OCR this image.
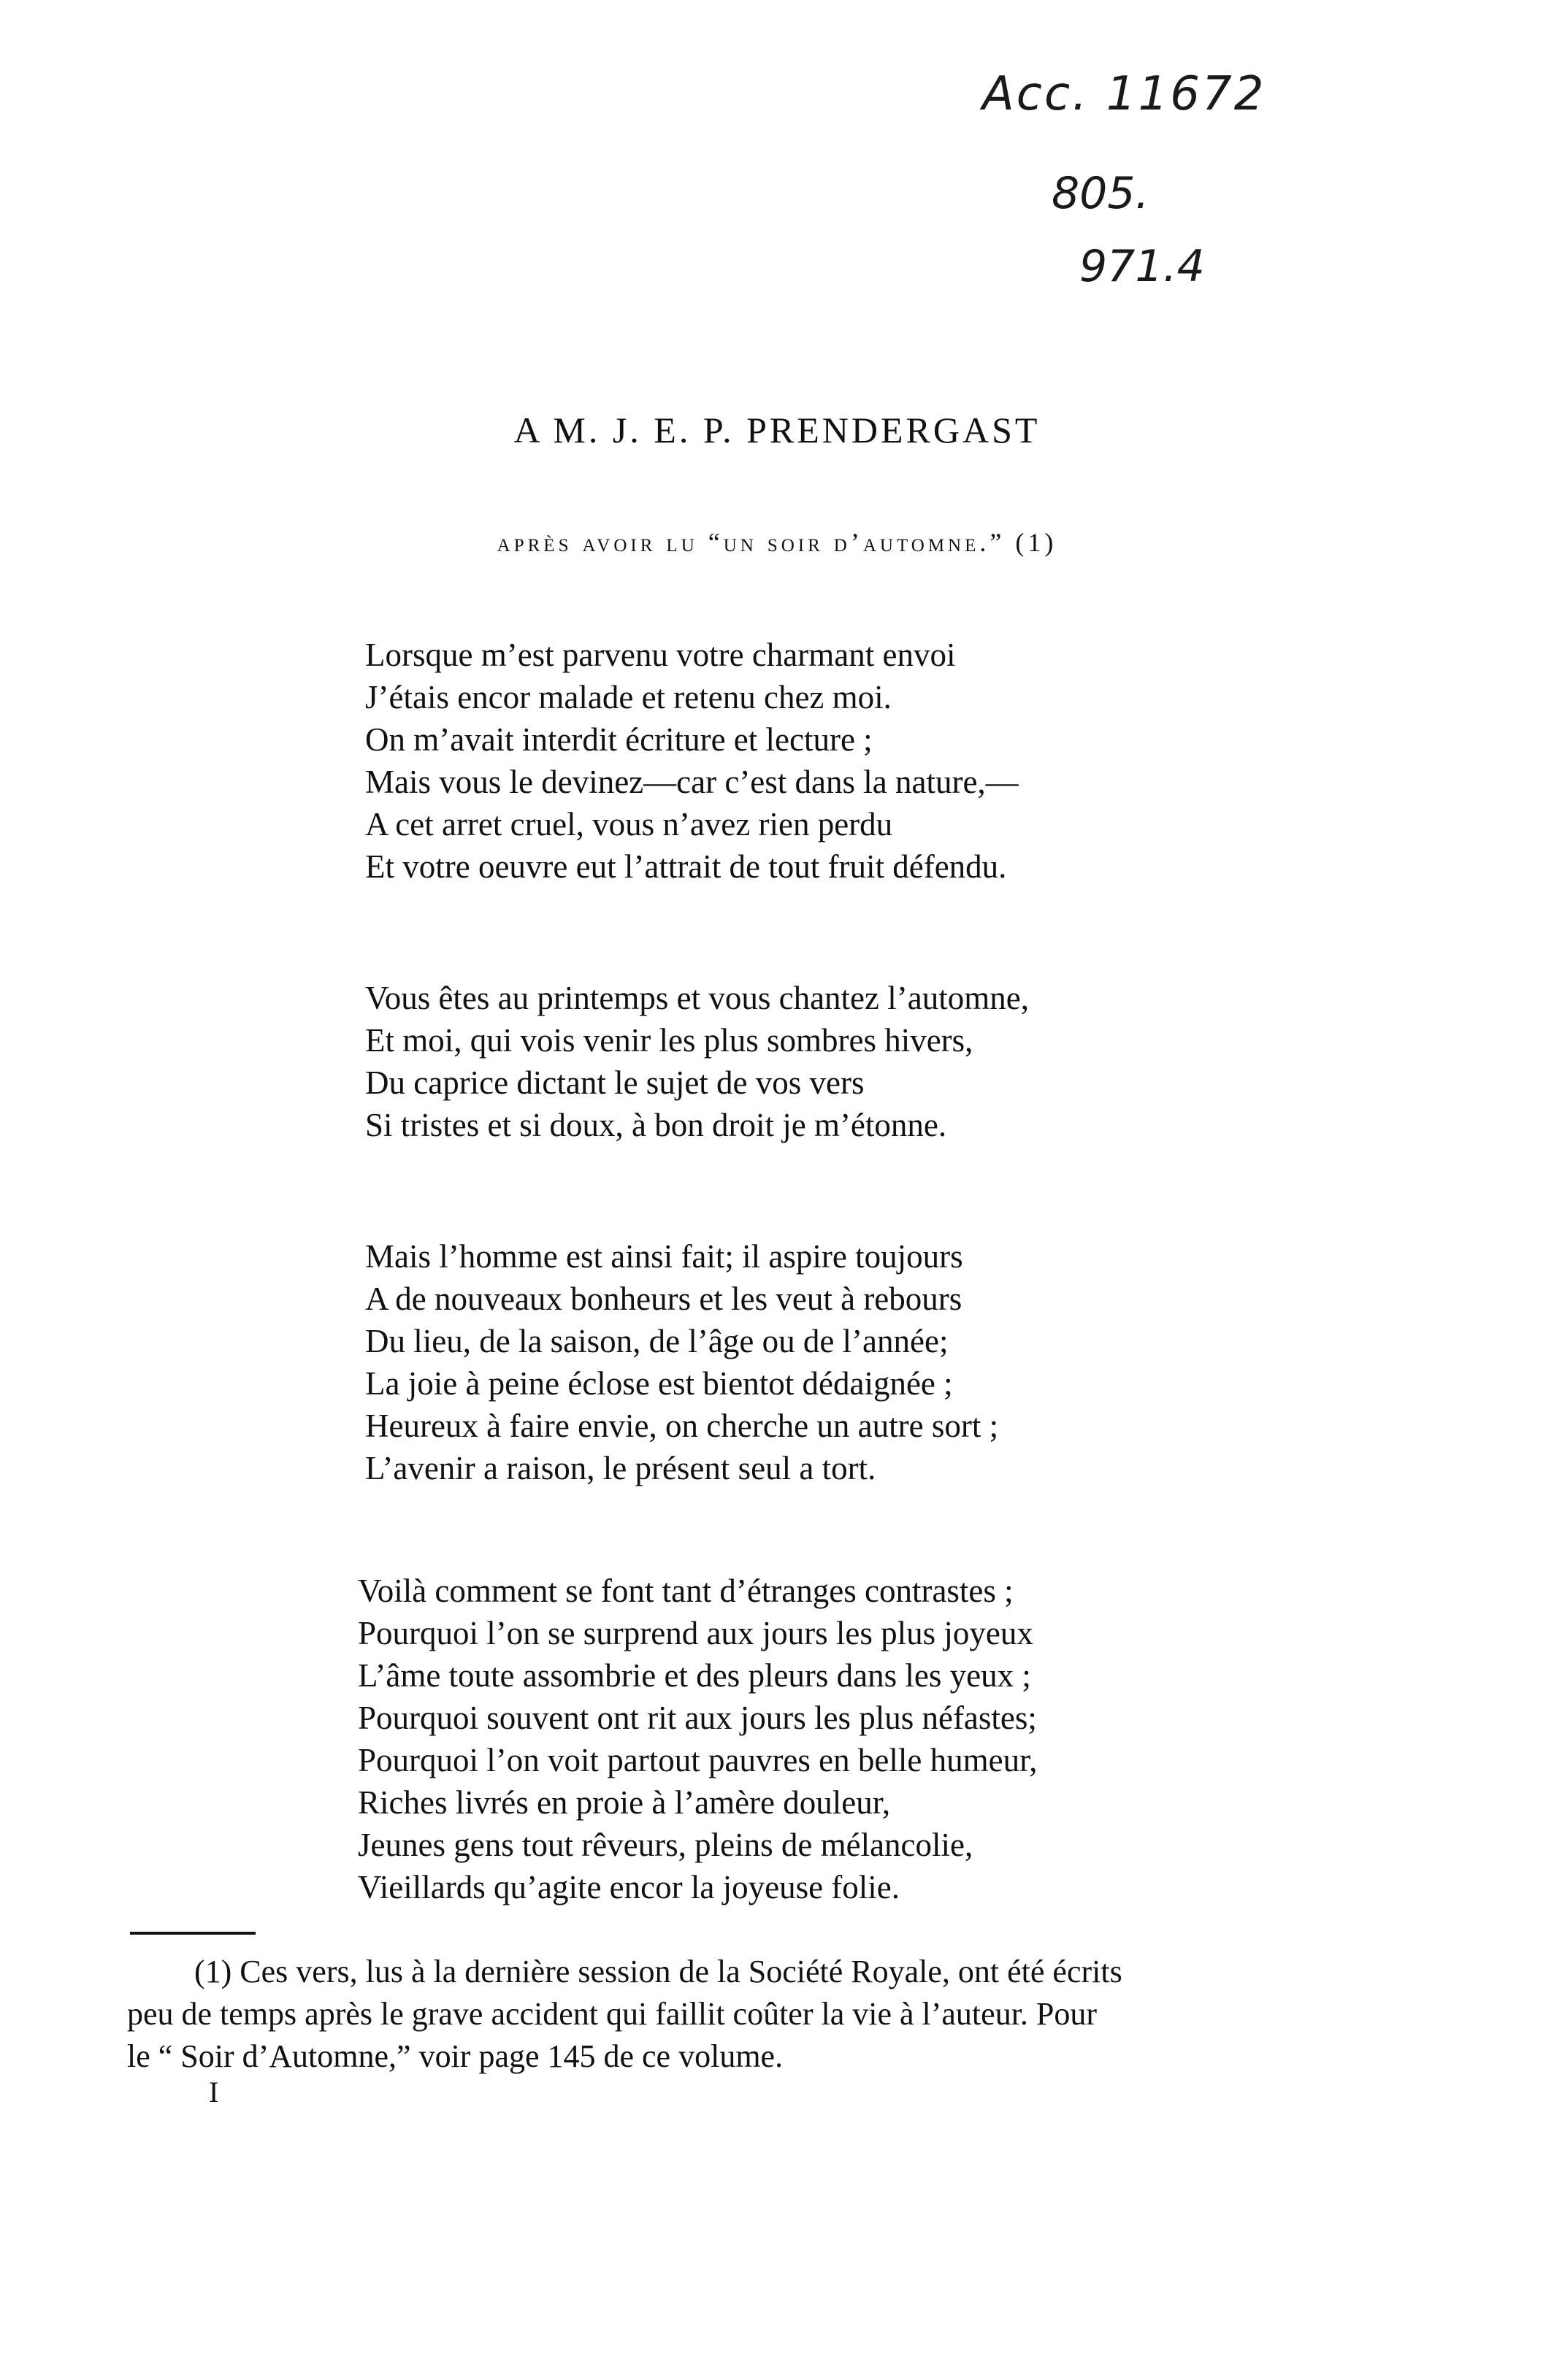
Acc. 11672
805.
971.4
A M. J. E. P. PRENDERGAST
après avoir lu “un soir d’automne.” (1)
Lorsque m’est parvenu votre charmant envoi
J’étais encor malade et retenu chez moi.
On m’avait interdit écriture et lecture ;
Mais vous le devinez—car c’est dans la nature,—
A cet arret cruel, vous n’avez rien perdu
Et votre oeuvre eut l’attrait de tout fruit défendu.
Vous êtes au printemps et vous chantez l’automne,
Et moi, qui vois venir les plus sombres hivers,
Du caprice dictant le sujet de vos vers
Si tristes et si doux, à bon droit je m’étonne.
Mais l’homme est ainsi fait; il aspire toujours
A de nouveaux bonheurs et les veut à rebours
Du lieu, de la saison, de l’âge ou de l’année;
La joie à peine éclose est bientot dédaignée ;
Heureux à faire envie, on cherche un autre sort ;
L’avenir a raison, le présent seul a tort.
Voilà comment se font tant d’étranges contrastes ;
Pourquoi l’on se surprend aux jours les plus joyeux
L’âme toute assombrie et des pleurs dans les yeux ;
Pourquoi souvent ont rit aux jours les plus néfastes;
Pourquoi l’on voit partout pauvres en belle humeur,
Riches livrés en proie à l’amère douleur,
Jeunes gens tout rêveurs, pleins de mélancolie,
Vieillards qu’agite encor la joyeuse folie.
(1) Ces vers, lus à la dernière session de la Société Royale, ont été écrits
peu de temps après le grave accident qui faillit coûter la vie à l’auteur. Pour
le “ Soir d’Automne,” voir page 145 de ce volume.
I
